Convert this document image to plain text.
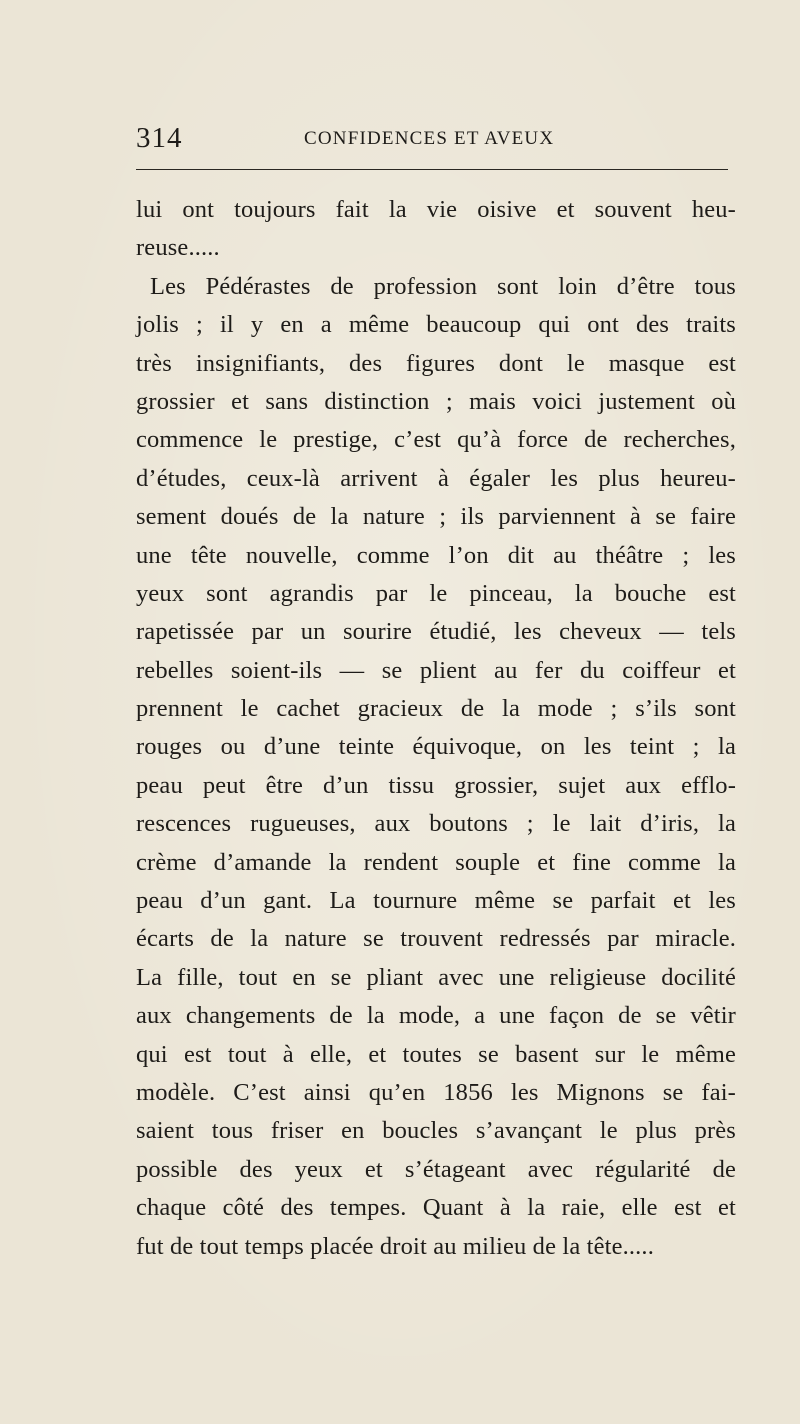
314	CONFIDENCES ET AVEUX
lui ont toujours fait la vie oisive et souvent heu-
reuse.....
Les Pédérastes de profession sont loin d’être tous
jolis ; il y en a même beaucoup qui ont des traits
très insignifiants, des figures dont le masque est
grossier et sans distinction ; mais voici justement où
commence le prestige, c’est qu’à force de recherches,
d’études, ceux-là arrivent à égaler les plus heureu-
sement doués de la nature ; ils parviennent à se faire
une tête nouvelle, comme l’on dit au théâtre ; les
yeux sont agrandis par le pinceau, la bouche est
rapetissée par un sourire étudié, les cheveux — tels
rebelles soient-ils — se plient au fer du coiffeur et
prennent le cachet gracieux de la mode ; s’ils sont
rouges ou d’une teinte équivoque, on les teint ; la
peau peut être d’un tissu grossier, sujet aux efflo-
rescences rugueuses, aux boutons ; le lait d’iris, la
crème d’amande la rendent souple et fine comme la
peau d’un gant. La tournure même se parfait et les
écarts de la nature se trouvent redressés par miracle.
La fille, tout en se pliant avec une religieuse docilité
aux changements de la mode, a une façon de se vêtir
qui est tout à elle, et toutes se basent sur le même
modèle. C’est ainsi qu’en 1856 les Mignons se fai-
saient tous friser en boucles s’avançant le plus près
possible des yeux et s’étageant avec régularité de
chaque côté des tempes. Quant à la raie, elle est et
fut de tout temps placée droit au milieu de la tête.....
